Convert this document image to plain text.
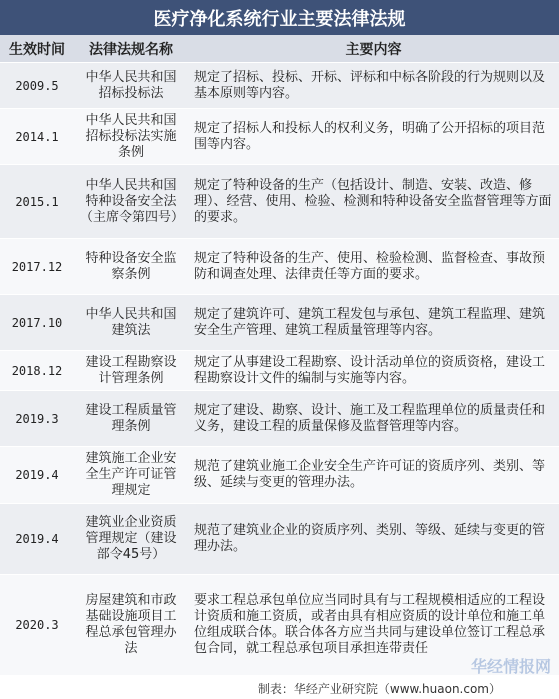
医疗净化系统行业主要法律法规
生效时间	法律法规名称	主要内容
2009.5	中华人民共和国招标投标法	规定了招标、投标、开标、评标和中标各阶段的行为规则以及基本原则等内容。
2014.1	中华人民共和国招标投标法实施条例	规定了招标人和投标人的权利义务，明确了公开招标的项目范围等内容。
2015.1	中华人民共和国特种设备安全法（主席令第四号）	规定了特种设备的生产（包括设计、制造、安装、改造、修理）、经营、使用、检验、检测和特种设备安全监督管理等方面的要求。
2017.12	特种设备安全监察条例	规定了特种设备的生产、使用、检验检测、监督检查、事故预防和调查处理、法律责任等方面的要求。
2017.10	中华人民共和国建筑法	规定了建筑许可、建筑工程发包与承包、建筑工程监理、建筑安全生产管理、建筑工程质量管理等内容。
2018.12	建设工程勘察设计管理条例	规定了从事建设工程勘察、设计活动单位的资质资格，建设工程勘察设计文件的编制与实施等内容。
2019.3	建设工程质量管理条例	规定了建设、勘察、设计、施工及工程监理单位的质量责任和义务，建设工程的质量保修及监督管理等内容。
2019.4	建筑施工企业安全生产许可证管理规定	规范了建筑业施工企业安全生产许可证的资质序列、类别、等级、延续与变更的管理办法。
2019.4	建筑业企业资质管理规定（建设部令45号）	规范了建筑业企业的资质序列、类别、等级、延续与变更的管理办法。
2020.3	房屋建筑和市政基础设施项目工程总承包管理办法	要求工程总承包单位应当同时具有与工程规模相适应的工程设计资质和施工资质，或者由具有相应资质的设计单位和施工单位组成联合体。联合体各方应当共同与建设单位签订工程总承包合同，就工程总承包项目承担连带责任
华经情报网
制表：华经产业研究院（www.huaon.com）
